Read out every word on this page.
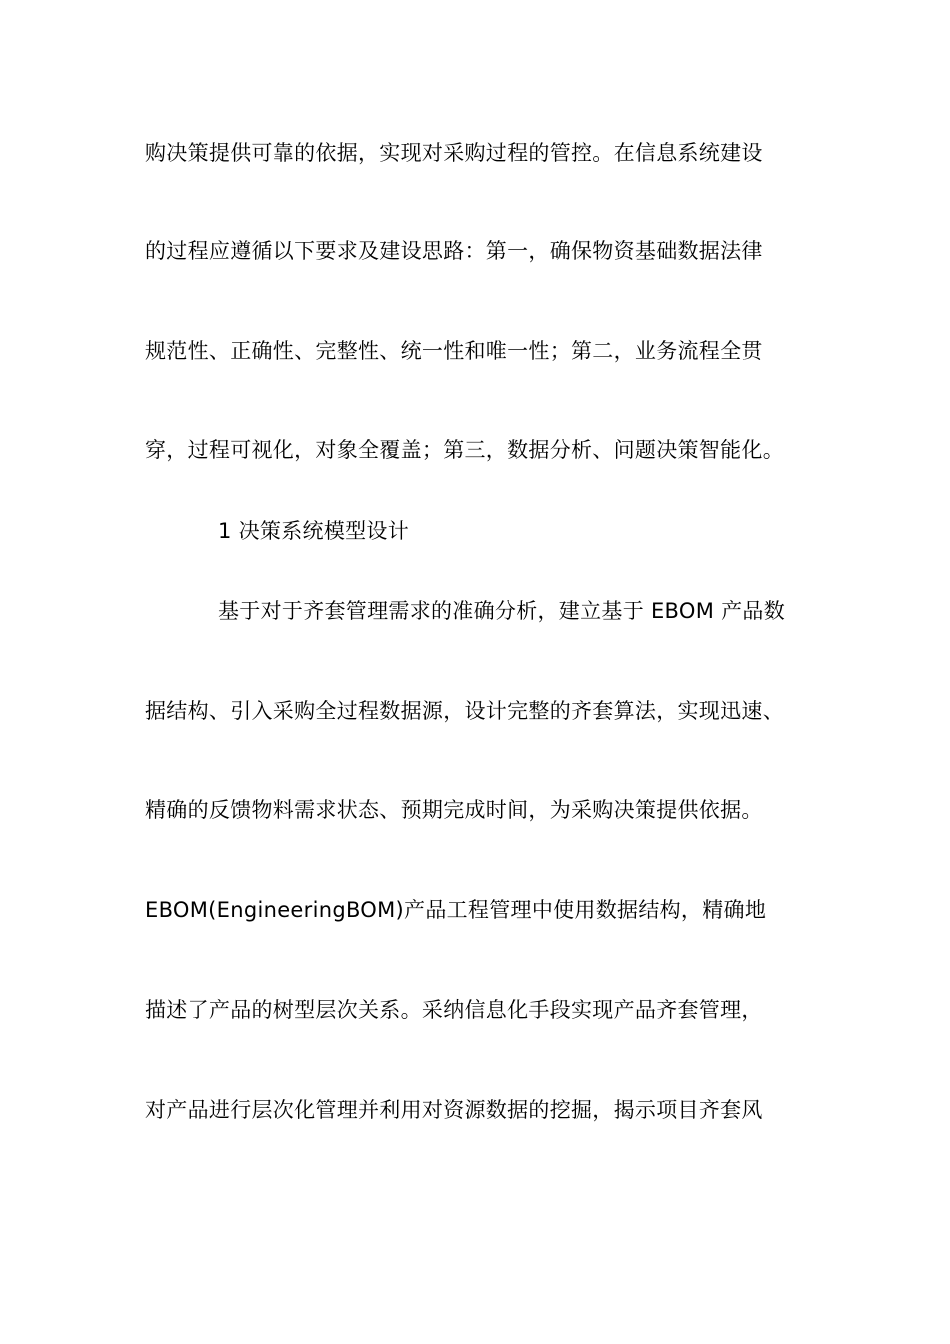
购决策提供可靠的依据，实现对采购过程的管控。在信息系统建设
的过程应遵循以下要求及建设思路：第一，确保物资基础数据法律
规范性、正确性、完整性、统一性和唯一性；第二，业务流程全贯
穿，过程可视化，对象全覆盖；第三，数据分析、问题决策智能化。
1 决策系统模型设计
基于对于齐套管理需求的准确分析，建立基于 EBOM 产品数
据结构、引入采购全过程数据源，设计完整的齐套算法，实现迅速、
精确的反馈物料需求状态、预期完成时间，为采购决策提供依据。
EBOM(EngineeringBOM)产品工程管理中使用数据结构，精确地
描述了产品的树型层次关系。采纳信息化手段实现产品齐套管理，
对产品进行层次化管理并利用对资源数据的挖掘，揭示项目齐套风
